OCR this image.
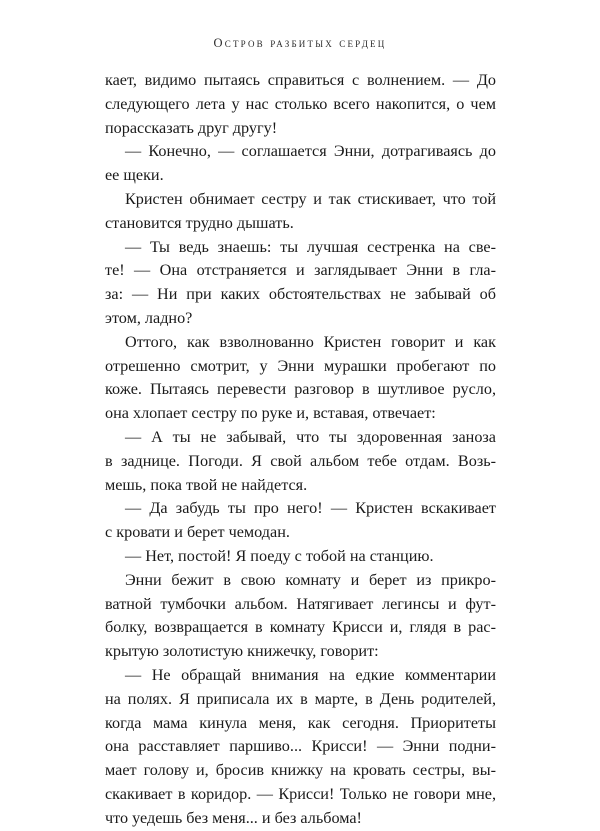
Остров разбитых сердец
кает, видимо пытаясь справиться с волнением. — До
следующего лета у нас столько всего накопится, о чем
порассказать друг другу!
— Конечно, — соглашается Энни, дотрагиваясь до
ее щеки.
Кристен обнимает сестру и так стискивает, что той
становится трудно дышать.
— Ты ведь знаешь: ты лучшая сестренка на све-
те! — Она отстраняется и заглядывает Энни в гла-
за: — Ни при каких обстоятельствах не забывай об
этом, ладно?
Оттого, как взволнованно Кристен говорит и как
отрешенно смотрит, у Энни мурашки пробегают по
коже. Пытаясь перевести разговор в шутливое русло,
она хлопает сестру по руке и, вставая, отвечает:
— А ты не забывай, что ты здоровенная заноза
в заднице. Погоди. Я свой альбом тебе отдам. Возь-
мешь, пока твой не найдется.
— Да забудь ты про него! — Кристен вскакивает
с кровати и берет чемодан.
— Нет, постой! Я поеду с тобой на станцию.
Энни бежит в свою комнату и берет из прикро-
ватной тумбочки альбом. Натягивает легинсы и фут-
болку, возвращается в комнату Крисси и, глядя в рас-
крытую золотистую книжечку, говорит:
— Не обращай внимания на едкие комментарии
на полях. Я приписала их в марте, в День родителей,
когда мама кинула меня, как сегодня. Приоритеты
она расставляет паршиво... Крисси! — Энни подни-
мает голову и, бросив книжку на кровать сестры, вы-
скакивает в коридор. — Крисси! Только не говори мне,
что уедешь без меня... и без альбома!
